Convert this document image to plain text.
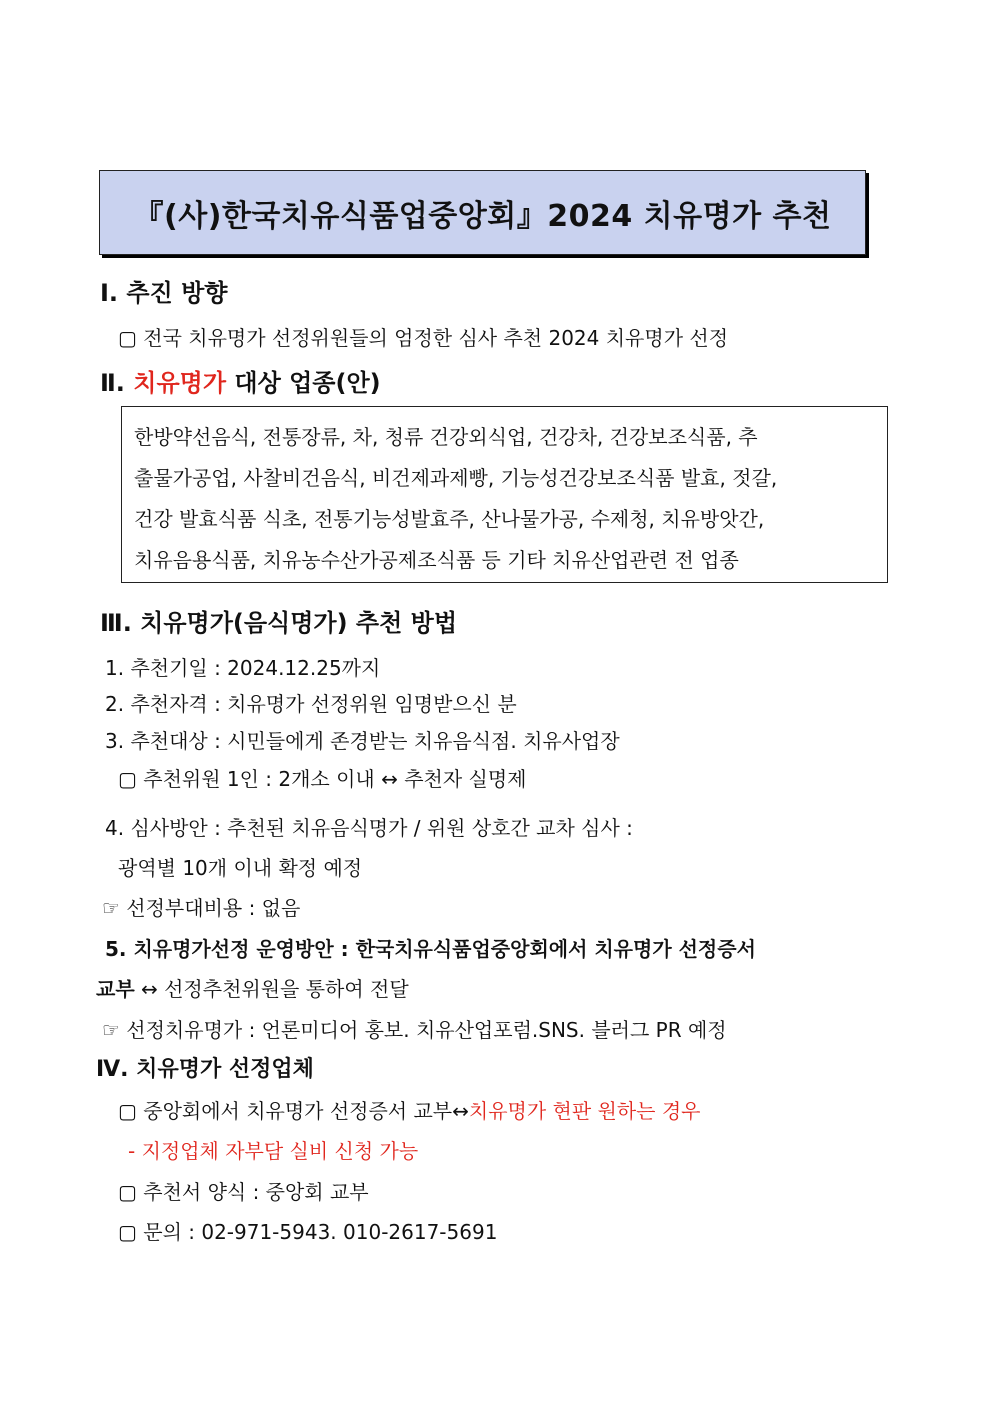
『(사)한국치유식품업중앙회』2024 치유명가 추천
Ⅰ. 추진 방향
▢ 전국 치유명가 선정위원들의 엄정한 심사 추천 2024 치유명가 선정
Ⅱ. 치유명가 대상 업종(안)
한방약선음식, 전통장류, 차, 청류 건강외식업, 건강차, 건강보조식품, 추
출물가공업, 사찰비건음식, 비건제과제빵, 기능성건강보조식품 발효, 젓갈,
건강 발효식품 식초, 전통기능성발효주, 산나물가공, 수제청, 치유방앗간,
치유음용식품, 치유농수산가공제조식품 등 기타 치유산업관련 전 업종
Ⅲ. 치유명가(음식명가) 추천 방법
1. 추천기일 : 2024.12.25까지
2. 추천자격 : 치유명가 선정위원 임명받으신 분
3. 추천대상 : 시민들에게 존경받는 치유음식점. 치유사업장
▢ 추천위원 1인 : 2개소 이내 ↔ 추천자 실명제
4. 심사방안 : 추천된 치유음식명가 / 위원 상호간 교차 심사 :
광역별 10개 이내 확정 예정
☞ 선정부대비용 : 없음
5. 치유명가선정 운영방안 : 한국치유식품업중앙회에서 치유명가 선정증서
교부 ↔ 선정추천위원을 통하여 전달
☞ 선정치유명가 : 언론미디어 홍보. 치유산업포럼.SNS. 블러그 PR 예정
Ⅳ. 치유명가 선정업체
▢ 중앙회에서 치유명가 선정증서 교부↔치유명가 현판 원하는 경우
- 지정업체 자부담 실비 신청 가능
▢ 추천서 양식 : 중앙회 교부
▢ 문의 : 02-971-5943. 010-2617-5691
